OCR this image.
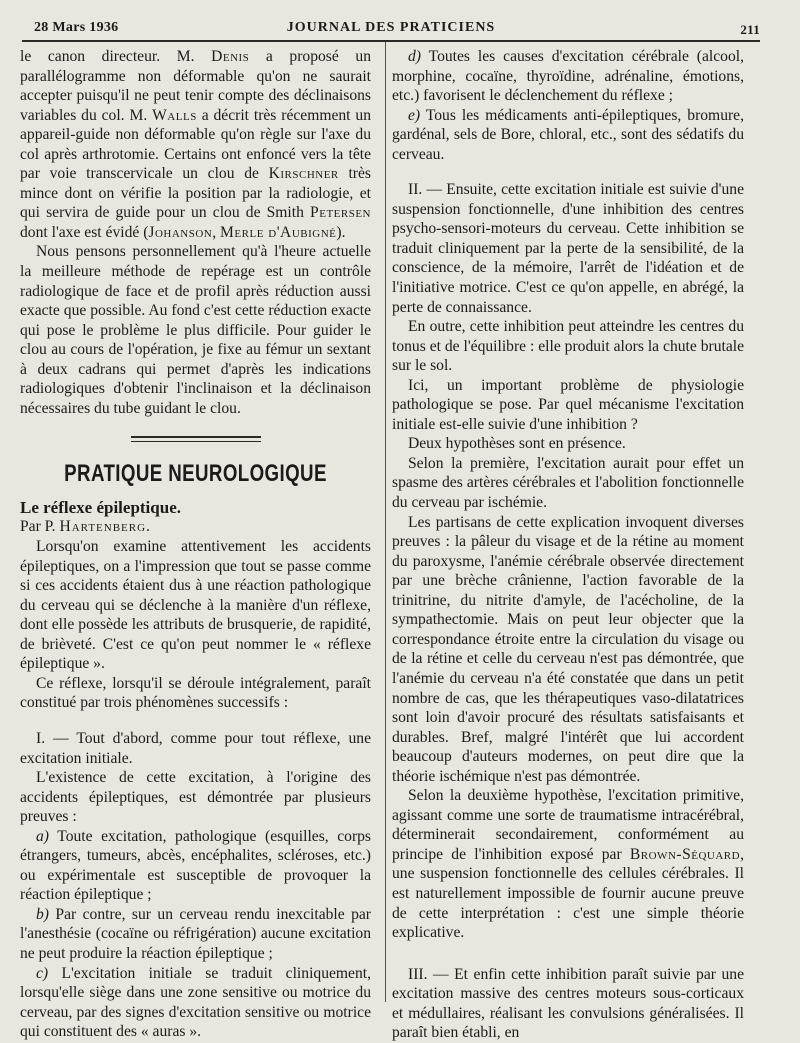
28 Mars 1936	JOURNAL DES PRATICIENS	211

le canon directeur. M. Denis a proposé un parallélogramme non déformable qu'on ne saurait accepter puisqu'il ne peut tenir compte des déclinaisons variables du col. M. Walls a décrit très récemment un appareil-guide non déformable qu'on règle sur l'axe du col après arthrotomie. Certains ont enfoncé vers la tête par voie transcervicale un clou de Kirschner très mince dont on vérifie la position par la radiologie, et qui servira de guide pour un clou de Smith Petersen dont l'axe est évidé (Johanson, Merle d'Aubigné).

Nous pensons personnellement qu'à l'heure actuelle la meilleure méthode de repérage est un contrôle radiologique de face et de profil après réduction aussi exacte que possible. Au fond c'est cette réduction exacte qui pose le problème le plus difficile. Pour guider le clou au cours de l'opération, je fixe au fémur un sextant à deux cadrans qui permet d'après les indications radiologiques d'obtenir l'inclinaison et la déclinaison nécessaires du tube guidant le clou.

PRATIQUE NEUROLOGIQUE

Le réflexe épileptique.

Par P. Hartenberg.

Lorsqu'on examine attentivement les accidents épileptiques, on a l'impression que tout se passe comme si ces accidents étaient dus à une réaction pathologique du cerveau qui se déclenche à la manière d'un réflexe, dont elle possède les attributs de brusquerie, de rapidité, de brièveté. C'est ce qu'on peut nommer le « réflexe épileptique ».

Ce réflexe, lorsqu'il se déroule intégralement, paraît constitué par trois phénomènes successifs :

I. — Tout d'abord, comme pour tout réflexe, une excitation initiale.

L'existence de cette excitation, à l'origine des accidents épileptiques, est démontrée par plusieurs preuves :

a) Toute excitation, pathologique (esquilles, corps étrangers, tumeurs, abcès, encéphalites, scléroses, etc.) ou expérimentale est susceptible de provoquer la réaction épileptique ;

b) Par contre, sur un cerveau rendu inexcitable par l'anesthésie (cocaïne ou réfrigération) aucune excitation ne peut produire la réaction épileptique ;

c) L'excitation initiale se traduit cliniquement, lorsqu'elle siège dans une zone sensitive ou motrice du cerveau, par des signes d'excitation sensitive ou motrice qui constituent des « auras ».

d) Toutes les causes d'excitation cérébrale (alcool, morphine, cocaïne, thyroïdine, adrénaline, émotions, etc.) favorisent le déclenchement du réflexe ;

e) Tous les médicaments anti-épileptiques, bromure, gardénal, sels de Bore, chloral, etc., sont des sédatifs du cerveau.

II. — Ensuite, cette excitation initiale est suivie d'une suspension fonctionnelle, d'une inhibition des centres psycho-sensori-moteurs du cerveau. Cette inhibition se traduit cliniquement par la perte de la sensibilité, de la conscience, de la mémoire, l'arrêt de l'idéation et de l'initiative motrice. C'est ce qu'on appelle, en abrégé, la perte de connaissance.

En outre, cette inhibition peut atteindre les centres du tonus et de l'équilibre : elle produit alors la chute brutale sur le sol.

Ici, un important problème de physiologie pathologique se pose. Par quel mécanisme l'excitation initiale est-elle suivie d'une inhibition ?

Deux hypothèses sont en présence.

Selon la première, l'excitation aurait pour effet un spasme des artères cérébrales et l'abolition fonctionnelle du cerveau par ischémie.

Les partisans de cette explication invoquent diverses preuves : la pâleur du visage et de la rétine au moment du paroxysme, l'anémie cérébrale observée directement par une brèche crânienne, l'action favorable de la trinitrine, du nitrite d'amyle, de l'acécholine, de la sympathectomie. Mais on peut leur objecter que la correspondance étroite entre la circulation du visage ou de la rétine et celle du cerveau n'est pas démontrée, que l'anémie du cerveau n'a été constatée que dans un petit nombre de cas, que les thérapeutiques vaso-dilatatrices sont loin d'avoir procuré des résultats satisfaisants et durables. Bref, malgré l'intérêt que lui accordent beaucoup d'auteurs modernes, on peut dire que la théorie ischémique n'est pas démontrée.

Selon la deuxième hypothèse, l'excitation primitive, agissant comme une sorte de traumatisme intracérébral, déterminerait secondairement, conformément au principe de l'inhibition exposé par Brown-Séquard, une suspension fonctionnelle des cellules cérébrales. Il est naturellement impossible de fournir aucune preuve de cette interprétation : c'est une simple théorie explicative.

III. — Et enfin cette inhibition paraît suivie par une excitation massive des centres moteurs sous-corticaux et médullaires, réalisant les convulsions généralisées. Il paraît bien établi, en
